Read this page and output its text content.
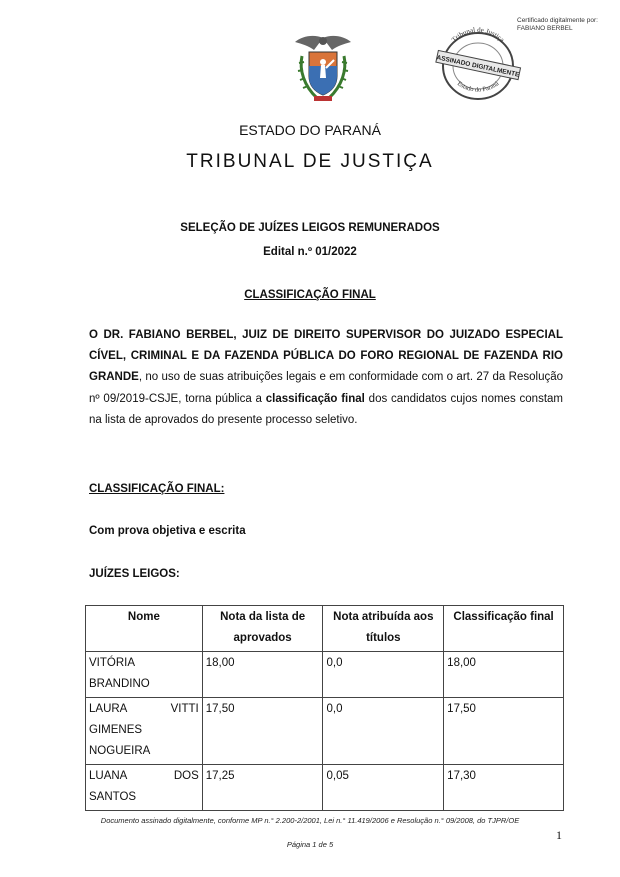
Certificado digitalmente por:
FABIANO BERBEL
Tribunal de Justiça
Estado do Paraná
ASSINADO DIGITALMENTE
ESTADO DO PARANÁ
TRIBUNAL DE JUSTIÇA
SELEÇÃO DE JUÍZES LEIGOS REMUNERADOS
Edital n.º 01/2022
CLASSIFICAÇÃO FINAL
O DR. FABIANO BERBEL, JUIZ DE DIREITO SUPERVISOR DO JUIZADO ESPECIAL CÍVEL, CRIMINAL E DA FAZENDA PÚBLICA DO FORO REGIONAL DE FAZENDA RIO GRANDE, no uso de suas atribuições legais e em conformidade com o art. 27 da Resolução nº 09/2019-CSJE, torna pública a classificação final dos candidatos cujos nomes constam na lista de aprovados do presente processo seletivo.
CLASSIFICAÇÃO FINAL:
Com prova objetiva e escrita
JUÍZES LEIGOS:
Nome	Nota da lista de aprovados	Nota atribuída aos títulos	Classificação final

VITÓRIA
BRANDINO	18,00	0,0	18,00

LAURA VITTI
GIMENES
NOGUEIRA	17,50	0,0	17,50

LUANA DOS
SANTOS	17,25	0,05	17,30
Documento assinado digitalmente, conforme MP n.° 2.200-2/2001, Lei n.° 11.419/2006 e Resolução n.° 09/2008, do TJPR/OE
1
Página 1 de 5
